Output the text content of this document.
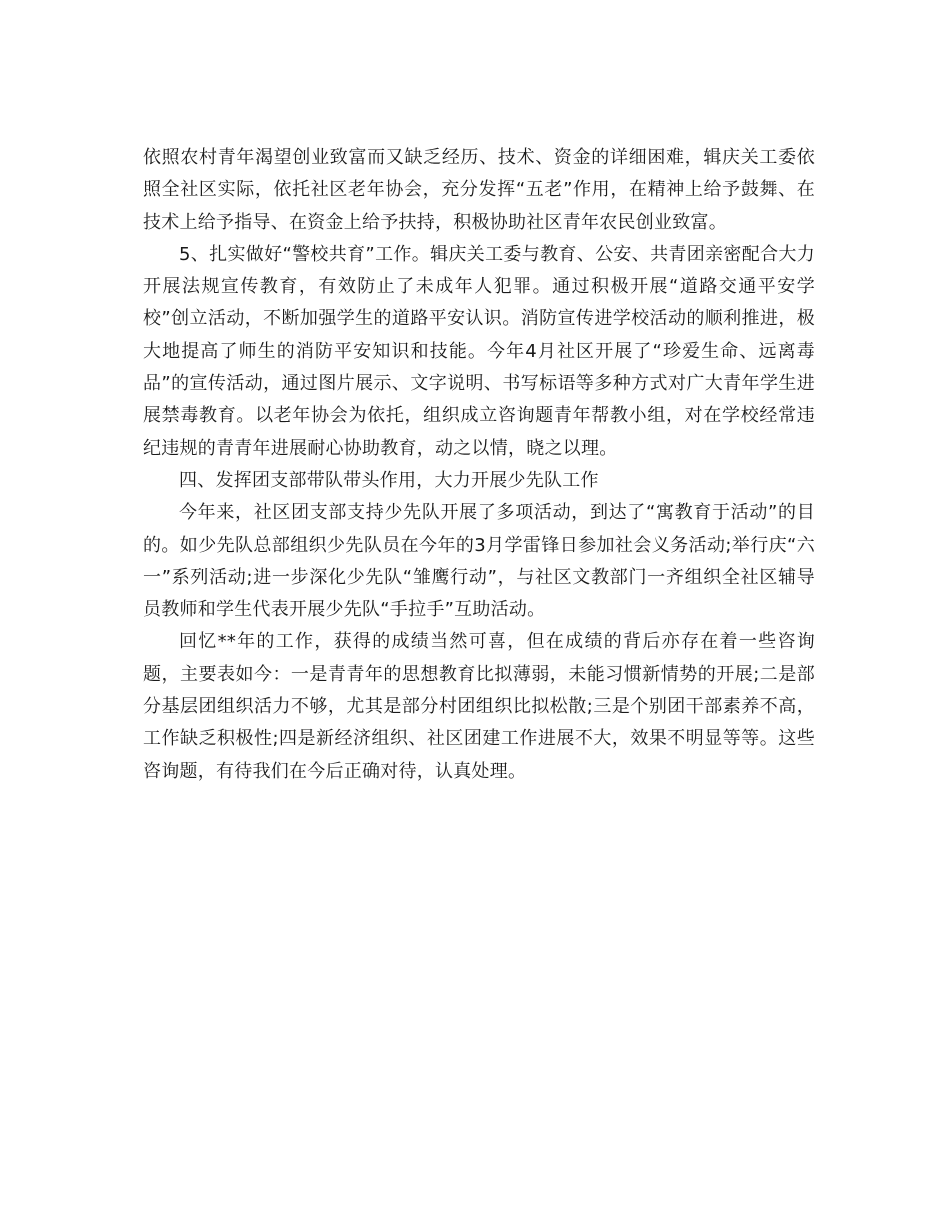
依照农村青年渴望创业致富而又缺乏经历、技术、资金的详细困难，辑庆关工委依照全社区实际，依托社区老年协会，充分发挥“五老”作用，在精神上给予鼓舞、在技术上给予指导、在资金上给予扶持，积极协助社区青年农民创业致富。

5、扎实做好“警校共育”工作。辑庆关工委与教育、公安、共青团亲密配合大力开展法规宣传教育，有效防止了未成年人犯罪。通过积极开展“道路交通平安学校”创立活动，不断加强学生的道路平安认识。消防宣传进学校活动的顺利推进，极大地提高了师生的消防平安知识和技能。今年4月社区开展了“珍爱生命、远离毒品”的宣传活动，通过图片展示、文字说明、书写标语等多种方式对广大青年学生进展禁毒教育。以老年协会为依托，组织成立咨询题青年帮教小组，对在学校经常违纪违规的青青年进展耐心协助教育，动之以情，晓之以理。

四、发挥团支部带队带头作用，大力开展少先队工作

今年来，社区团支部支持少先队开展了多项活动，到达了“寓教育于活动”的目的。如少先队总部组织少先队员在今年的3月学雷锋日参加社会义务活动;举行庆“六一”系列活动;进一步深化少先队“雏鹰行动”，与社区文教部门一齐组织全社区辅导员教师和学生代表开展少先队“手拉手”互助活动。

回忆**年的工作，获得的成绩当然可喜，但在成绩的背后亦存在着一些咨询题，主要表如今：一是青青年的思想教育比拟薄弱，未能习惯新情势的开展;二是部分基层团组织活力不够，尤其是部分村团组织比拟松散;三是个别团干部素养不高，工作缺乏积极性;四是新经济组织、社区团建工作进展不大，效果不明显等等。这些咨询题，有待我们在今后正确对待，认真处理。
